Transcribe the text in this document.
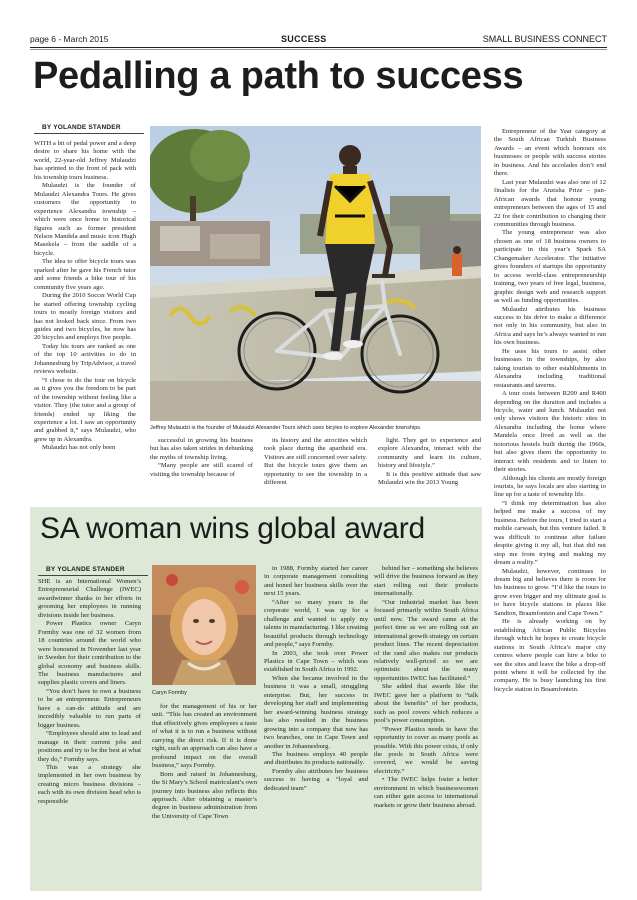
page 6 - March 2015	SUCCESS	SMALL BUSINESS CONNECT
Pedalling a path to success
BY YOLANDE STANDER

WITH a bit of pedal power and a deep desire to share his home with the world, 22-year-old Jeffrey Mulaudzi has sprinted to the front of pack with his township tours business.

Mulaudzi is the founder of Mulaudzi Alexandra Tours. He gives customers the opportunity to experience Alexandra township – which were once home to historical figures such as former president Nelson Mandela and music icon Hugh Masekela – from the saddle of a bicycle.

The idea to offer bicycle tours was sparked after he gave his French tutor and some friends a bike tour of his community five years ago.

During the 2010 Soccer World Cup he started offering township cycling tours to mostly foreign visitors and has not looked back since. From two guides and two bicycles, he now has 20 bicycles and employs five people.

Today his tours are ranked as one of the top 10 activities to do in Johannesburg by TripAdvisor, a travel reviews website.

“I chose to do the tour on bicycle as it gives you the freedom to be part of the township without feeling like a visitor. They (the tutor and a group of friends) ended up liking the experience a lot. I saw an opportunity and grabbed it,” says Mulaudzi, who grew up in Alexandra.

Mulaudzi has not only been

Jeffrey Mulaudzi is the founder of Mulaudzi Alexander Tours which uses bicyles to explore Alexander townships.

successful in growing his business but has also taken strides in debunking the myths of township living.

“Many people are still scared of visiting the township because of

its history and the atrocities which took place during the apartheid era. Visitors are still concerned over safety. But the bicycle tours give them an opportunity to see the township in a different

light. They get to experience and explore Alexandra, interact with the community and learn its culture, history and lifestyle.”

It is this positive attitude that saw Mulaudzi win the 2013 Young

Entrepreneur of the Year category at the South African Turkish Business Awards – an event which honours six businesses or people with success stories in business. And his accolades don’t end there.

Last year Mulaudzi was also one of 12 finalists for the Anzisha Prize – pan-African awards that honour young entrepreneurs between the ages of 15 and 22 for their contribution to changing their communities through business.

The young entrepreneur was also chosen as one of 18 business owners to participate in this year’s Spark SA Changemaker Accelerator. The initiative gives founders of startups the opportunity to access world-class entrepreneurship training, two years of free legal, business, graphic design web and research support as well as funding opportunities.

Mulaudzi attributes his business success to his drive to make a difference not only in his community, but also in Africa and says he’s always wanted to run his own business.

He uses his tours to assist other businesses in the townships, by also taking tourists to other establishments in Alexandra including traditional restaurants and taverns.

A tour costs between R200 and R400 depending on the duration and includes a bicycle, water and lunch. Mulaudzi not only shows visitors the historic sites in Alexandra including the home where Mandela once lived as well as the notorious hostels built during the 1960s, but also gives them the opportunity to interact with residents and to listen to their stories.

Although his clients are mostly foreign tourists, he says locals are also starting to line up for a taste of township life.

“I think my determination has also helped me make a success of my business. Before the tours, I tried to start a mobile carwash, but this venture failed. It was difficult to continue after failure despite giving it my all, but that did not stop me from trying and making my dream a reality.”

Mulaudzi, however, continues to dream big and believes there is room for his business to grow. “I’d like the tours to grow even bigger and my ultimate goal is to have bicycle stations in places like Sandton, Braamfontein and Cape Town.”

He is already working on by establishing African Public Bicycles through which he hopes to create bicycle stations in South Africa’s major city centres where people can hire a bike to see the sites and leave the bike a drop-off point where it will be collected by the company. He is busy launching his first bicycle station in Braamfontein.

SA woman wins global award
BY YOLANDE STANDER

SHE is an International Women’s Entrepreneurial Challenge (IWEC) awardwinner thanks to her efforts in grooming her employees in running divisions inside her business.

Power Plastics owner Caryn Formby was one of 32 women from 18 countries around the world who were honoured in November last year in Sweden for their contribution to the global economy and business skills. The business manufactures and supplies plastic covers and liners.

“You don’t have to own a business to be an entrepreneur. Entrepreneurs have a can-do attitude and are incredibly valuable to run parts of bigger business.

“Employees should aim to lead and manage in their current jobs and positions and try to be the best at what they do,” Formby says.

This was a strategy she implemented in her own business by creating micro business divisions – each with its own division head who is responsible

Caryn Formby

for the management of his or her unit. “This has created an environment that effectively gives employees a taste of what it is to run a business without carrying the direct risk. If it is done right, such an approach can also have a profound impact on the overall business,” says Formby.

Born and raised in Johannesburg, the St Mary’s School matriculant’s own journey into business also reflects this approach. After obtaining a master’s degree in business administration from the University of Cape Town

in 1988, Formby started her career in corporate management consulting and honed her business skills over the next 15 years.

“After so many years in the corporate world, I was up for a challenge and wanted to apply my talents in manufacturing. I like creating beautiful products through technology and people,” says Formby.

In 2003, she took over Power Plastics in Cape Town – which was established in South Africa in 1992.

When she became involved in the business it was a small, struggling enterprise. But, her success in developing her staff and implementing her award-winning business strategy has also resulted in the business growing into a company that now has two branches, one in Cape Town and another in Johannesburg.

The business employs 40 people and distributes its products nationally.

Formby also attributes her business success to having a “loyal and dedicated team”

behind her – something she believes will drive the business forward as they start rolling out their products internationally.

“Our industrial market has been focused primarily within South Africa until now. The award came at the perfect time as we are rolling out an international growth strategy on certain product lines. The recent depreciation of the rand also makes our products relatively well-priced so we are optimistic about the many opportunities IWEC has facilitated.”

She added that awards like the IWEC gave her a platform to “talk about the benefits” of her products, such as pool covers which reduces a pool’s power consumption.

“Power Plastics needs to have the opportunity to cover as many pools as possible. With this power crisis, if only the pools in South Africa were covered, we would be saving electricity.”

• The IWEC helps foster a better environment in which businesswomen can either gain access to international markets or grow their business abroad.
